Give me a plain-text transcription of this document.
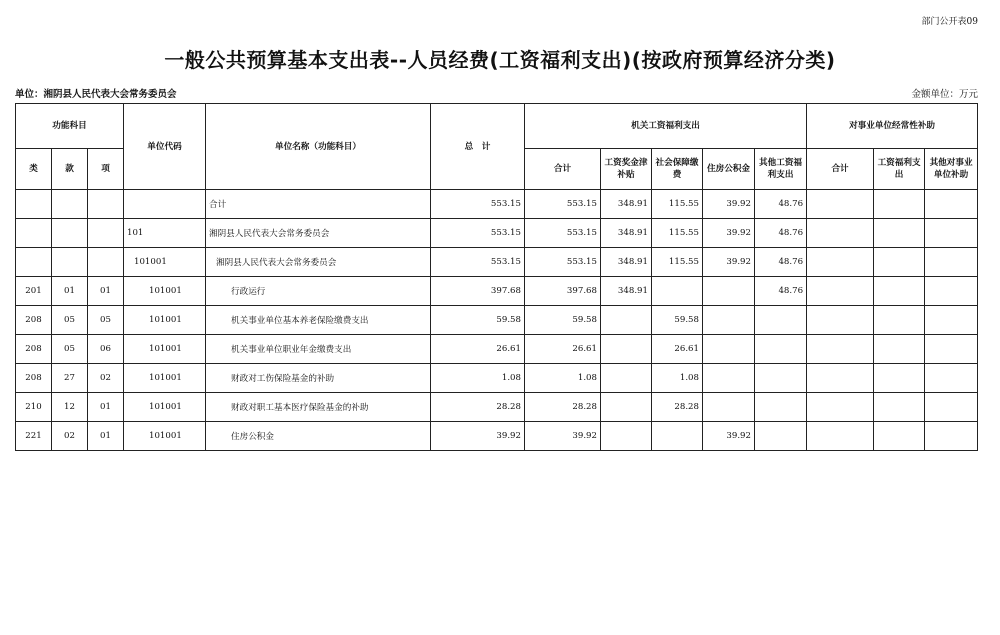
部门公开表09
一般公共预算基本支出表--人员经费(工资福利支出)(按政府预算经济分类)
单位：湘阴县人民代表大会常务委员会	金额单位：万元
功能科目			单位代码	单位名称（功能科目）	总　计	机关工资福利支出					对事业单位经常性补助		
类	款	项				合计	工资奖金津补贴	社会保障缴费	住房公积金	其他工资福利支出	合计	工资福利支出	其他对事业单位补助
				合计	553.15	553.15	348.91	115.55	39.92	48.76			
			101	湘阴县人民代表大会常务委员会	553.15	553.15	348.91	115.55	39.92	48.76			
			101001	湘阴县人民代表大会常务委员会	553.15	553.15	348.91	115.55	39.92	48.76			
201	01	01	101001	行政运行	397.68	397.68	348.91			48.76			
208	05	05	101001	机关事业单位基本养老保险缴费支出	59.58	59.58		59.58					
208	05	06	101001	机关事业单位职业年金缴费支出	26.61	26.61		26.61					
208	27	02	101001	财政对工伤保险基金的补助	1.08	1.08		1.08					
210	12	01	101001	财政对职工基本医疗保险基金的补助	28.28	28.28		28.28					
221	02	01	101001	住房公积金	39.92	39.92			39.92				
